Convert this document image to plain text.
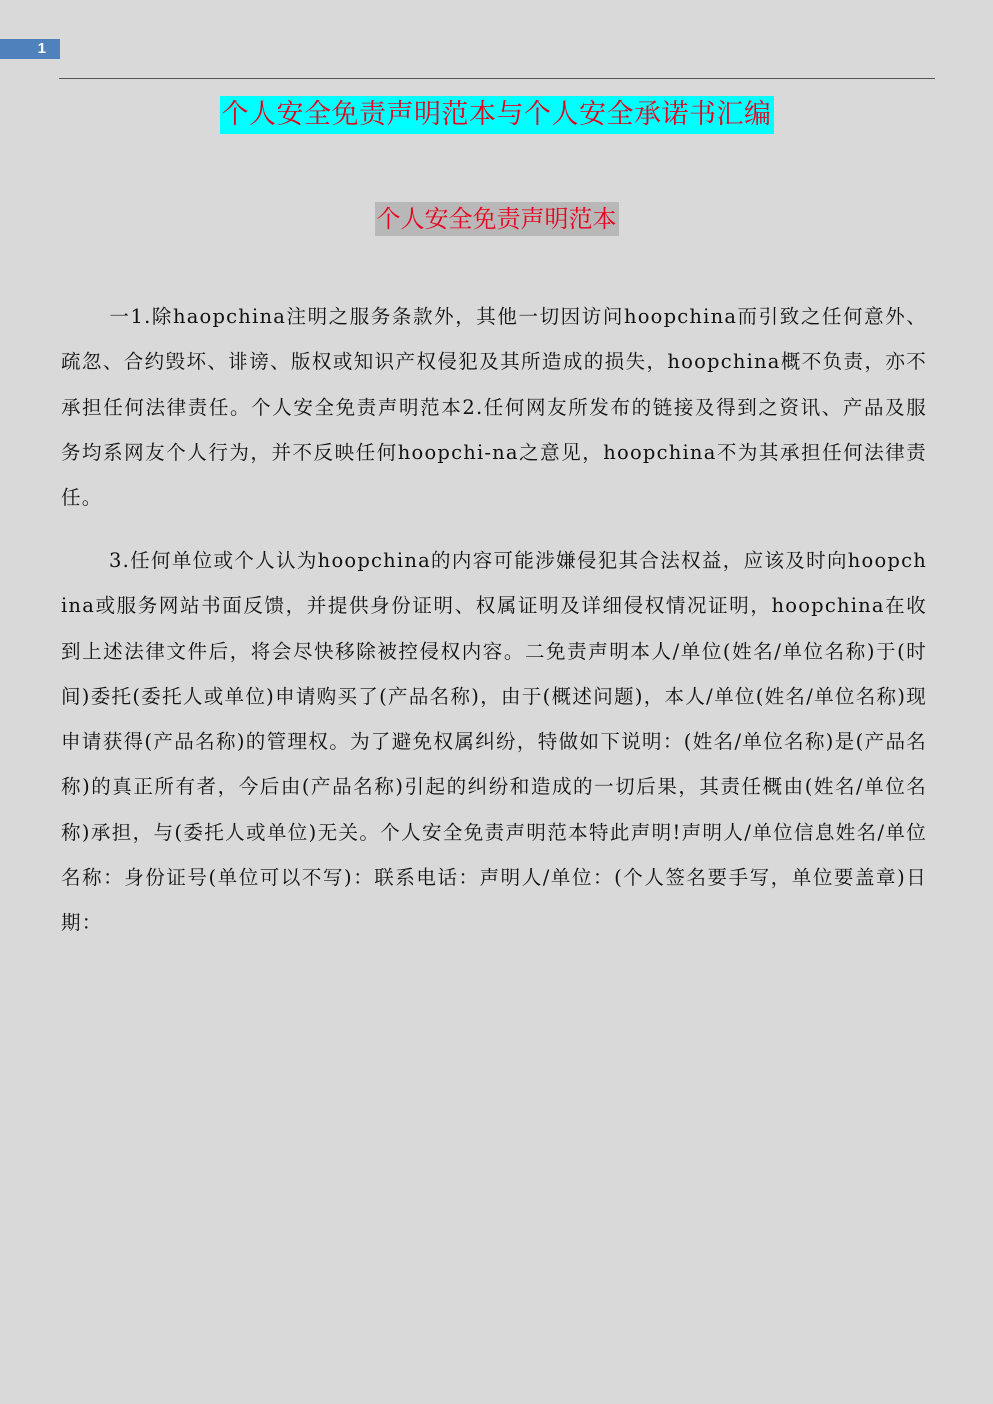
1
个人安全免责声明范本与个人安全承诺书汇编
个人安全免责声明范本

一1.除haopchina注明之服务条款外，其他一切因访问hoopchina而引致之任何意外、疏忽、合约毁坏、诽谤、版权或知识产权侵犯及其所造成的损失，hoopchina概不负责，亦不承担任何法律责任。个人安全免责声明范本2.任何网友所发布的链接及得到之资讯、产品及服务均系网友个人行为，并不反映任何hoopchi-na之意见，hoopchina不为其承担任何法律责任。

3.任何单位或个人认为hoopchina的内容可能涉嫌侵犯其合法权益，应该及时向hoopchina或服务网站书面反馈，并提供身份证明、权属证明及详细侵权情况证明，hoopchina在收到上述法律文件后，将会尽快移除被控侵权内容。二免责声明本人/单位(姓名/单位名称)于(时间)委托(委托人或单位)申请购买了(产品名称)，由于(概述问题)，本人/单位(姓名/单位名称)现申请获得(产品名称)的管理权。为了避免权属纠纷，特做如下说明：(姓名/单位名称)是(产品名称)的真正所有者，今后由(产品名称)引起的纠纷和造成的一切后果，其责任概由(姓名/单位名称)承担，与(委托人或单位)无关。个人安全免责声明范本特此声明!声明人/单位信息姓名/单位名称：身份证号(单位可以不写)：联系电话：声明人/单位：(个人签名要手写，单位要盖章)日期：
